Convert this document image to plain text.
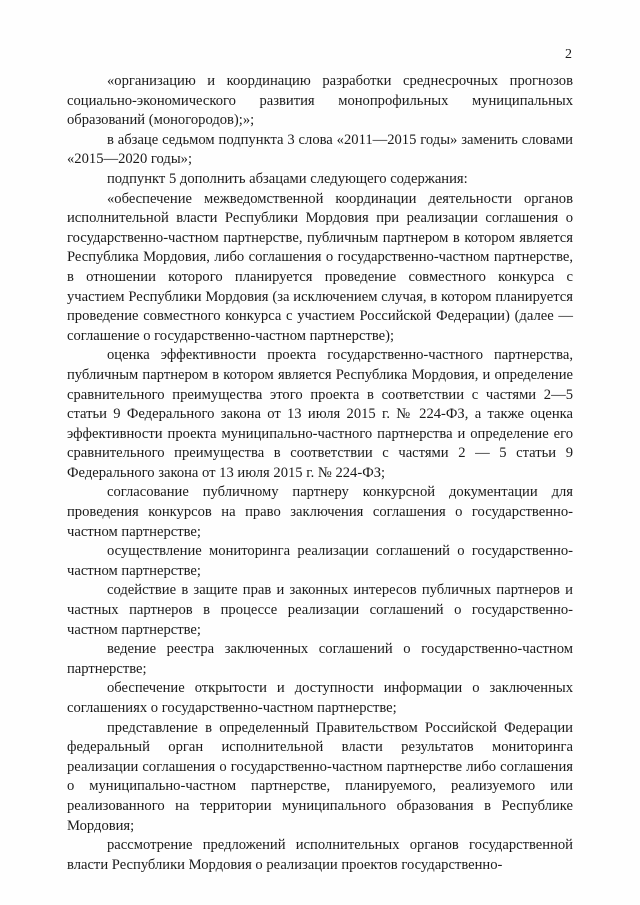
2

«организацию и координацию разработки среднесрочных прогнозов социально-экономического развития монопрофильных муниципальных образований (моногородов);»;

в абзаце седьмом подпункта 3 слова «2011—2015 годы» заменить словами «2015—2020 годы»;

подпункт 5 дополнить абзацами следующего содержания:

«обеспечение межведомственной координации деятельности органов исполнительной власти Республики Мордовия при реализации соглашения о государственно-частном партнерстве, публичным партнером в котором является Республика Мордовия, либо соглашения о государственно-частном партнерстве, в отношении которого планируется проведение совместного конкурса с участием Республики Мордовия (за исключением случая, в котором планируется проведение совместного конкурса с участием Российской Федерации) (далее — соглашение о государственно-частном партнерстве);

оценка эффективности проекта государственно-частного партнерства, публичным партнером в котором является Республика Мордовия, и определение сравнительного преимущества этого проекта в соответствии с частями 2—5 статьи 9 Федерального закона от 13 июля 2015 г. № 224-ФЗ, а также оценка эффективности проекта муниципально-частного партнерства и определение его сравнительного преимущества в соответствии с частями 2 — 5 статьи 9 Федерального закона от 13 июля 2015 г. № 224-ФЗ;

согласование публичному партнеру конкурсной документации для проведения конкурсов на право заключения соглашения о государственно-частном партнерстве;

осуществление мониторинга реализации соглашений о государственно-частном партнерстве;

содействие в защите прав и законных интересов публичных партнеров и частных партнеров в процессе реализации соглашений о государственно-частном партнерстве;

ведение реестра заключенных соглашений о государственно-частном партнерстве;

обеспечение открытости и доступности информации о заключенных соглашениях о государственно-частном партнерстве;

представление в определенный Правительством Российской Федерации федеральный орган исполнительной власти результатов мониторинга реализации соглашения о государственно-частном партнерстве либо соглашения о муниципально-частном партнерстве, планируемого, реализуемого или реализованного на территории муниципального образования в Республике Мордовия;

рассмотрение предложений исполнительных органов государственной власти Республики Мордовия о реализации проектов государственно-
